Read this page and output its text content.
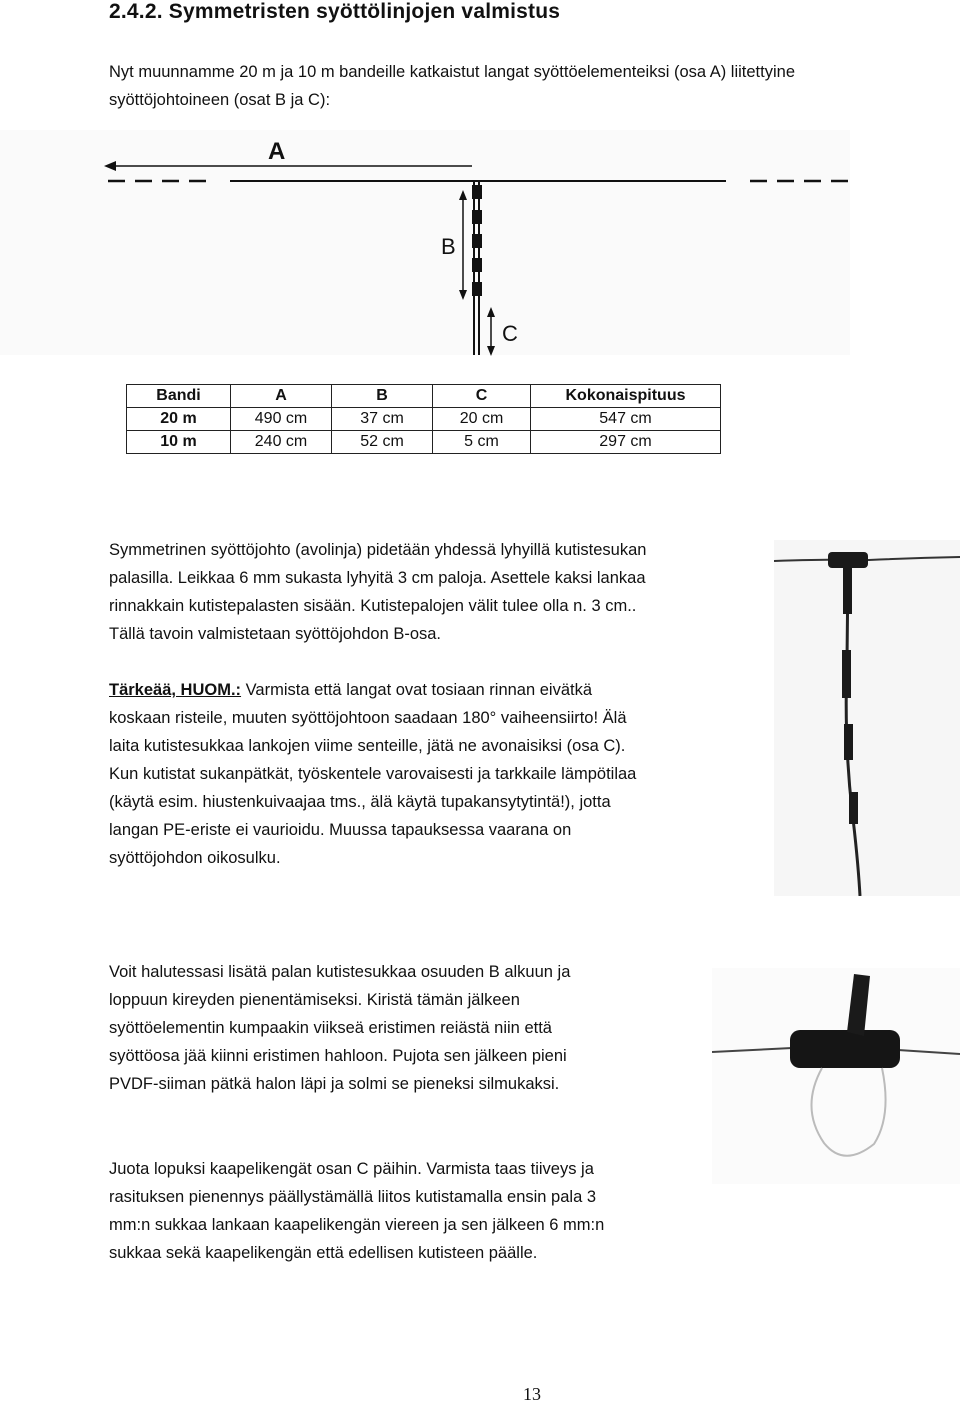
2.4.2. Symmetristen syöttölinjojen valmistus

Nyt muunnamme 20 m ja 10 m bandeille katkaistut langat syöttöelementeiksi (osa A) liitettyine

syöttöjohtoineen (osat B ja C):

A
B
C
Bandi	A	B	C	Kokonaispituus
20 m	490 cm	37 cm	20 cm	547 cm
10 m	240 cm	52 cm	5 cm	297 cm

Symmetrinen syöttöjohto (avolinja) pidetään yhdessä lyhyillä kutistesukan

palasilla. Leikkaa 6 mm sukasta lyhyitä 3 cm paloja. Asettele kaksi lankaa

rinnakkain kutistepalasten sisään. Kutistepalojen välit tulee olla n. 3 cm..

Tällä tavoin valmistetaan syöttöjohdon B-osa.

Tärkeää, HUOM.: Varmista että langat ovat tosiaan rinnan eivätkä

koskaan risteile, muuten syöttöjohtoon saadaan 180° vaiheensiirto! Älä

laita kutistesukkaa lankojen viime senteille, jätä ne avonaisiksi (osa C).

Kun kutistat sukanpätkät, työskentele varovaisesti ja tarkkaile lämpötilaa

(käytä esim. hiustenkuivaajaa tms., älä käytä tupakansytytintä!), jotta

langan PE-eriste ei vaurioidu. Muussa tapauksessa vaarana on

syöttöjohdon oikosulku.

Voit halutessasi lisätä palan kutistesukkaa osuuden B alkuun ja

loppuun kireyden pienentämiseksi. Kiristä tämän jälkeen

syöttöelementin kumpaakin viikseä eristimen reiästä niin että

syöttöosa jää kiinni eristimen hahloon. Pujota sen jälkeen pieni

PVDF-siiman pätkä halon läpi ja solmi se pieneksi silmukaksi.

Juota lopuksi kaapelikengät osan C päihin. Varmista taas tiiveys ja

rasituksen pienennys päällystämällä liitos kutistamalla ensin pala 3

mm:n sukkaa lankaan kaapelikengän viereen ja sen jälkeen 6 mm:n

sukkaa sekä kaapelikengän että edellisen kutisteen päälle.

13
